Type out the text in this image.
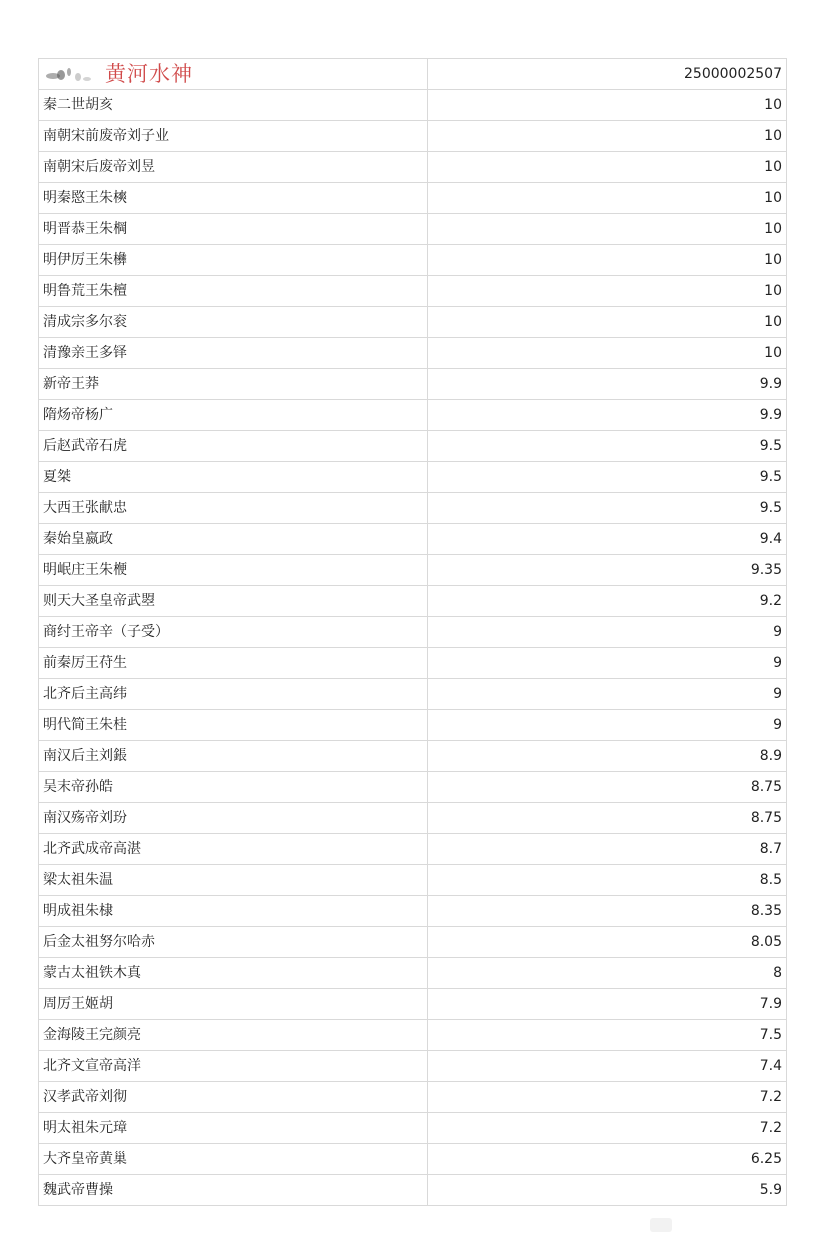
黄河水神	25000002507
秦二世胡亥	10
南朝宋前废帝刘子业	10
南朝宋后废帝刘昱	10
明秦愍王朱樉	10
明晋恭王朱棡	10
明伊厉王朱㰘	10
明鲁荒王朱檀	10
清成宗多尔衮	10
清豫亲王多铎	10
新帝王莽	9.9
隋炀帝杨广	9.9
后赵武帝石虎	9.5
夏桀	9.5
大西王张献忠	9.5
秦始皇嬴政	9.4
明岷庄王朱楩	9.35
则天大圣皇帝武曌	9.2
商纣王帝辛（子受）	9
前秦厉王苻生	9
北齐后主高纬	9
明代简王朱桂	9
南汉后主刘鋹	8.9
吴末帝孙皓	8.75
南汉殇帝刘玢	8.75
北齐武成帝高湛	8.7
梁太祖朱温	8.5
明成祖朱棣	8.35
后金太祖努尔哈赤	8.05
蒙古太祖铁木真	8
周厉王姬胡	7.9
金海陵王完颜亮	7.5
北齐文宣帝高洋	7.4
汉孝武帝刘彻	7.2
明太祖朱元璋	7.2
大齐皇帝黄巢	6.25
魏武帝曹操	5.9
